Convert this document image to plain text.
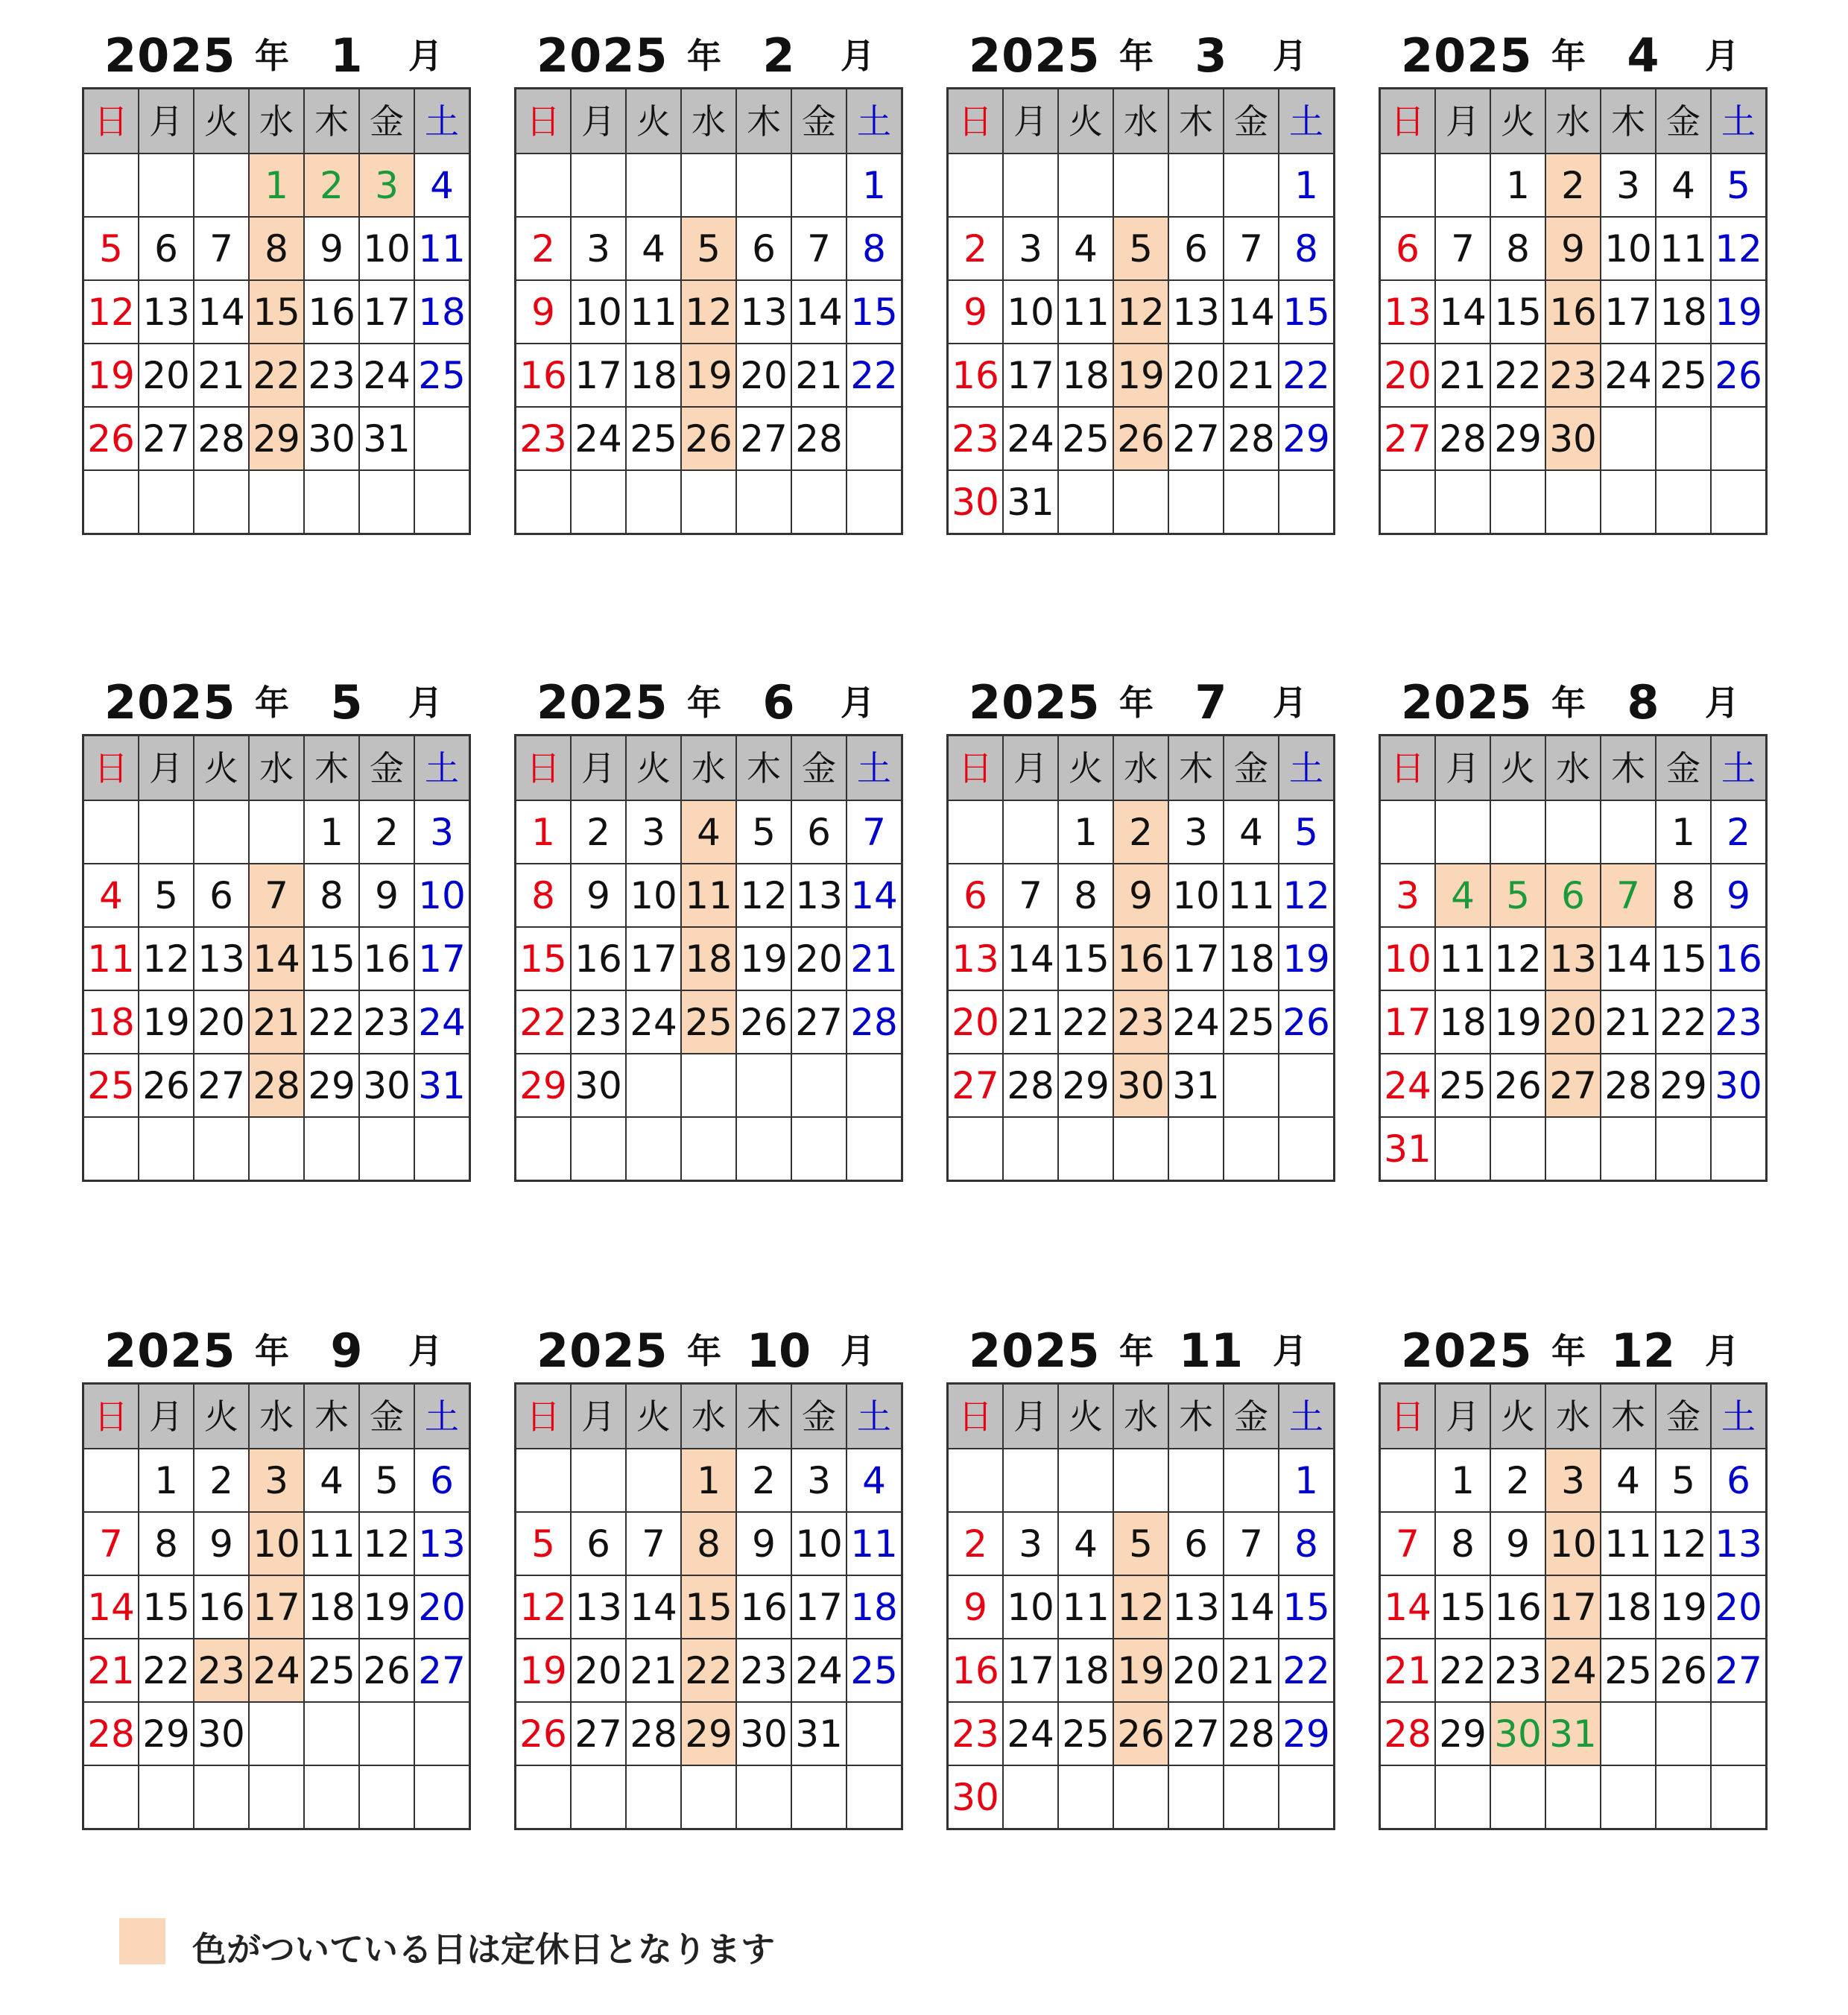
2025 年 1	月
日	月	火	水	木	金	土
			1	2	3	4
5	6	7	8	9	10	11
12	13	14	15	16	17	18
19	20	21	22	23	24	25
26	27	28	29	30	31	

2025 年 2	月
日	月	火	水	木	金	土
						1
2	3	4	5	6	7	8
9	10	11	12	13	14	15
16	17	18	19	20	21	22
23	24	25	26	27	28	

2025 年 3	月
日	月	火	水	木	金	土
						1
2	3	4	5	6	7	8
9	10	11	12	13	14	15
16	17	18	19	20	21	22
23	24	25	26	27	28	29
30	31					
2025 年 4	月
日	月	火	水	木	金	土
		1	2	3	4	5
6	7	8	9	10	11	12
13	14	15	16	17	18	19
20	21	22	23	24	25	26
27	28	29	30			

2025 年 5	月
日	月	火	水	木	金	土
				1	2	3
4	5	6	7	8	9	10
11	12	13	14	15	16	17
18	19	20	21	22	23	24
25	26	27	28	29	30	31

2025 年 6	月
日	月	火	水	木	金	土
1	2	3	4	5	6	7
8	9	10	11	12	13	14
15	16	17	18	19	20	21
22	23	24	25	26	27	28
29	30					

2025 年 7	月
日	月	火	水	木	金	土
		1	2	3	4	5
6	7	8	9	10	11	12
13	14	15	16	17	18	19
20	21	22	23	24	25	26
27	28	29	30	31		

2025 年 8	月
日	月	火	水	木	金	土
					1	2
3	4	5	6	7	8	9
10	11	12	13	14	15	16
17	18	19	20	21	22	23
24	25	26	27	28	29	30
31						
2025 年 9	月
日	月	火	水	木	金	土
	1	2	3	4	5	6
7	8	9	10	11	12	13
14	15	16	17	18	19	20
21	22	23	24	25	26	27
28	29	30				

2025 年 10 月
日	月	火	水	木	金	土
			1	2	3	4
5	6	7	8	9	10	11
12	13	14	15	16	17	18
19	20	21	22	23	24	25
26	27	28	29	30	31	

2025 年 11 月
日	月	火	水	木	金	土
						1
2	3	4	5	6	7	8
9	10	11	12	13	14	15
16	17	18	19	20	21	22
23	24	25	26	27	28	29
30						
2025 年 12 月
日	月	火	水	木	金	土
	1	2	3	4	5	6
7	8	9	10	11	12	13
14	15	16	17	18	19	20
21	22	23	24	25	26	27
28	29	30	31			

色がついている日は定休日となります
